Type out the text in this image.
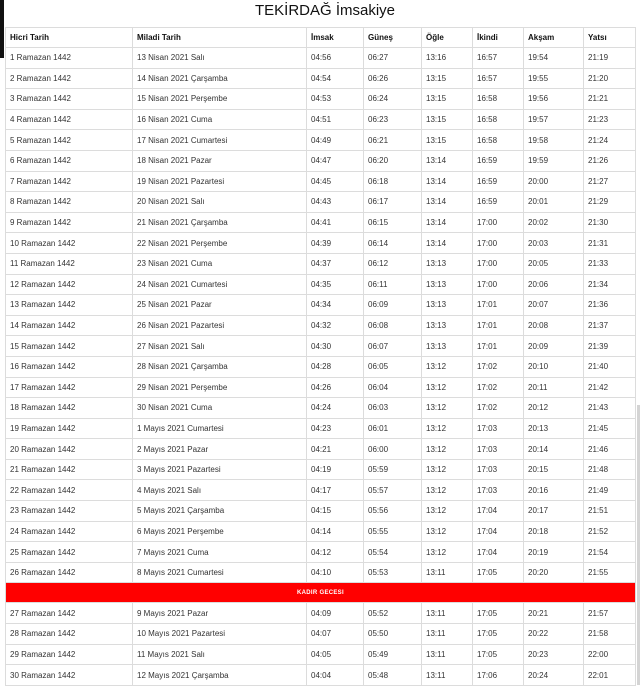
TEKİRDAĞ İmsakiye
Hicri Tarih	Miladi Tarih	İmsak	Güneş	Öğle	İkindi	Akşam	Yatsı
1 Ramazan 1442	13 Nisan 2021 Salı	04:56	06:27	13:16	16:57	19:54	21:19
2 Ramazan 1442	14 Nisan 2021 Çarşamba	04:54	06:26	13:15	16:57	19:55	21:20
3 Ramazan 1442	15 Nisan 2021 Perşembe	04:53	06:24	13:15	16:58	19:56	21:21
4 Ramazan 1442	16 Nisan 2021 Cuma	04:51	06:23	13:15	16:58	19:57	21:23
5 Ramazan 1442	17 Nisan 2021 Cumartesi	04:49	06:21	13:15	16:58	19:58	21:24
6 Ramazan 1442	18 Nisan 2021 Pazar	04:47	06:20	13:14	16:59	19:59	21:26
7 Ramazan 1442	19 Nisan 2021 Pazartesi	04:45	06:18	13:14	16:59	20:00	21:27
8 Ramazan 1442	20 Nisan 2021 Salı	04:43	06:17	13:14	16:59	20:01	21:29
9 Ramazan 1442	21 Nisan 2021 Çarşamba	04:41	06:15	13:14	17:00	20:02	21:30
10 Ramazan 1442	22 Nisan 2021 Perşembe	04:39	06:14	13:14	17:00	20:03	21:31
11 Ramazan 1442	23 Nisan 2021 Cuma	04:37	06:12	13:13	17:00	20:05	21:33
12 Ramazan 1442	24 Nisan 2021 Cumartesi	04:35	06:11	13:13	17:00	20:06	21:34
13 Ramazan 1442	25 Nisan 2021 Pazar	04:34	06:09	13:13	17:01	20:07	21:36
14 Ramazan 1442	26 Nisan 2021 Pazartesi	04:32	06:08	13:13	17:01	20:08	21:37
15 Ramazan 1442	27 Nisan 2021 Salı	04:30	06:07	13:13	17:01	20:09	21:39
16 Ramazan 1442	28 Nisan 2021 Çarşamba	04:28	06:05	13:12	17:02	20:10	21:40
17 Ramazan 1442	29 Nisan 2021 Perşembe	04:26	06:04	13:12	17:02	20:11	21:42
18 Ramazan 1442	30 Nisan 2021 Cuma	04:24	06:03	13:12	17:02	20:12	21:43
19 Ramazan 1442	1 Mayıs 2021 Cumartesi	04:23	06:01	13:12	17:03	20:13	21:45
20 Ramazan 1442	2 Mayıs 2021 Pazar	04:21	06:00	13:12	17:03	20:14	21:46
21 Ramazan 1442	3 Mayıs 2021 Pazartesi	04:19	05:59	13:12	17:03	20:15	21:48
22 Ramazan 1442	4 Mayıs 2021 Salı	04:17	05:57	13:12	17:03	20:16	21:49
23 Ramazan 1442	5 Mayıs 2021 Çarşamba	04:15	05:56	13:12	17:04	20:17	21:51
24 Ramazan 1442	6 Mayıs 2021 Perşembe	04:14	05:55	13:12	17:04	20:18	21:52
25 Ramazan 1442	7 Mayıs 2021 Cuma	04:12	05:54	13:12	17:04	20:19	21:54
26 Ramazan 1442	8 Mayıs 2021 Cumartesi	04:10	05:53	13:11	17:05	20:20	21:55
KADIR GECESI							
27 Ramazan 1442	9 Mayıs 2021 Pazar	04:09	05:52	13:11	17:05	20:21	21:57
28 Ramazan 1442	10 Mayıs 2021 Pazartesi	04:07	05:50	13:11	17:05	20:22	21:58
29 Ramazan 1442	11 Mayıs 2021 Salı	04:05	05:49	13:11	17:05	20:23	22:00
30 Ramazan 1442	12 Mayıs 2021 Çarşamba	04:04	05:48	13:11	17:06	20:24	22:01
